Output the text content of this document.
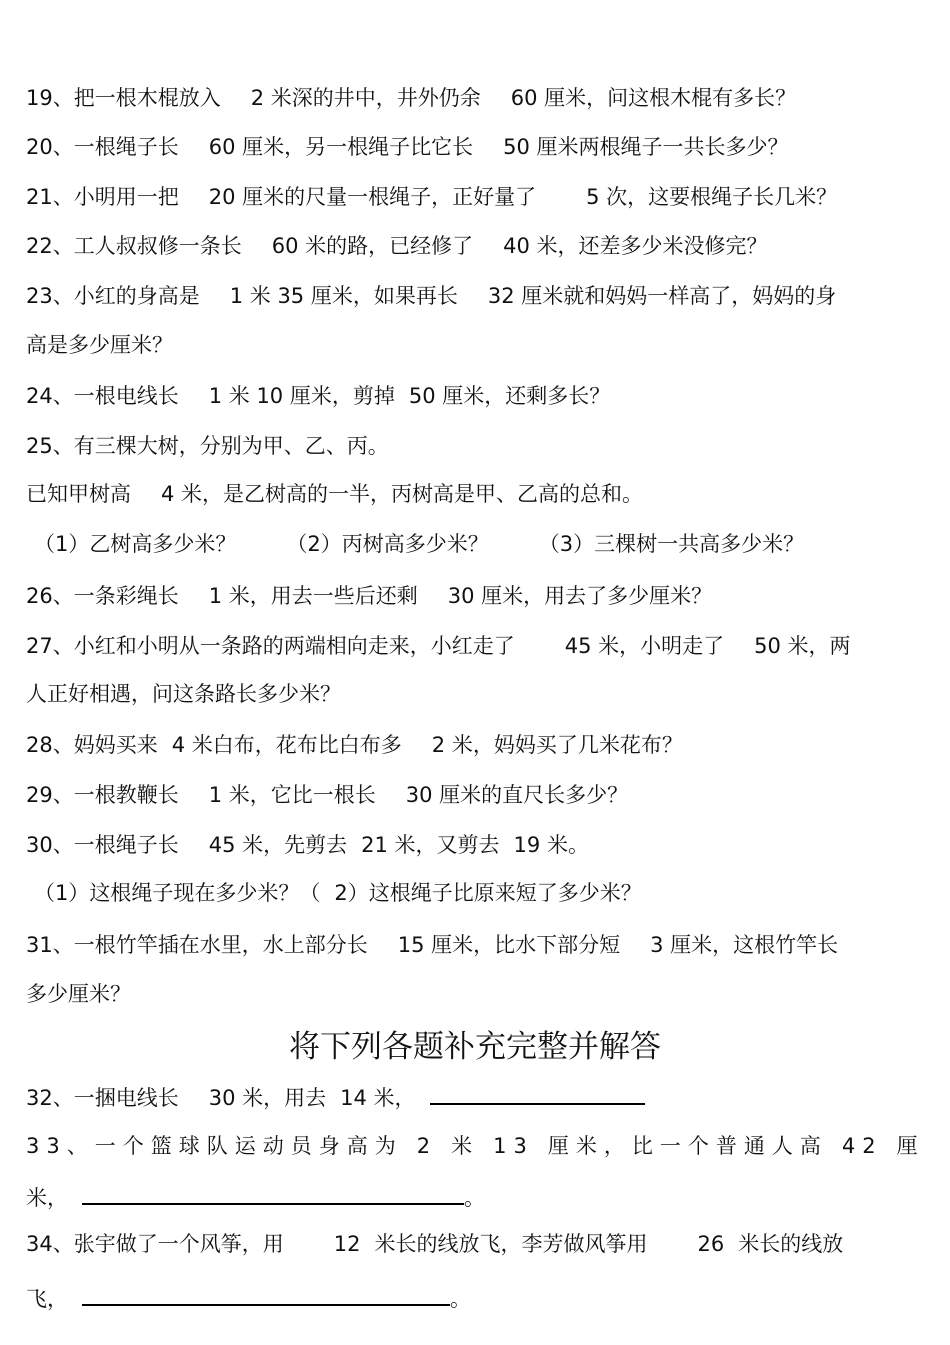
19、把一根木棍放入 2 米深的井中，井外仍余 60 厘米，问这根木棍有多长？
20、一根绳子长 60 厘米，另一根绳子比它长 50 厘米两根绳子一共长多少？
21、小明用一把 20 厘米的尺量一根绳子，正好量了 5 次，这要根绳子长几米？
22、工人叔叔修一条长 60 米的路，已经修了 40 米，还差多少米没修完？
23、小红的身高是 1 米 35 厘米，如果再长 32 厘米就和妈妈一样高了，妈妈的身
高是多少厘米？
24、一根电线长 1 米 10 厘米，剪掉 50 厘米，还剩多长？
25、有三棵大树，分别为甲、乙、丙。
已知甲树高 4 米，是乙树高的一半，丙树高是甲、乙高的总和。
（1）乙树高多少米？ （2）丙树高多少米？ （3）三棵树一共高多少米？
26、一条彩绳长 1 米，用去一些后还剩 30 厘米，用去了多少厘米？
27、小红和小明从一条路的两端相向走来，小红走了 45 米，小明走了 50 米，两
人正好相遇，问这条路长多少米？
28、妈妈买来 4 米白布，花布比白布多 2 米，妈妈买了几米花布？
29、一根教鞭长 1 米，它比一根长 30 厘米的直尺长多少？
30、一根绳子长 45 米，先剪去 21 米，又剪去 19 米。
（1）这根绳子现在多少米？（ 2）这根绳子比原来短了多少米？
31、一根竹竿插在水里，水上部分长 15 厘米，比水下部分短 3 厘米，这根竹竿长
多少厘米？
将下列各题补充完整并解答
32、一捆电线长 30 米，用去 14 米，
33、一个篮球队运动员身高为 2 米 13 厘米，比一个普通人高 42 厘
米，	。
34、张宇做了一个风筝，用 12 米长的线放飞，李芳做风筝用 26 米长的线放
飞，	。
